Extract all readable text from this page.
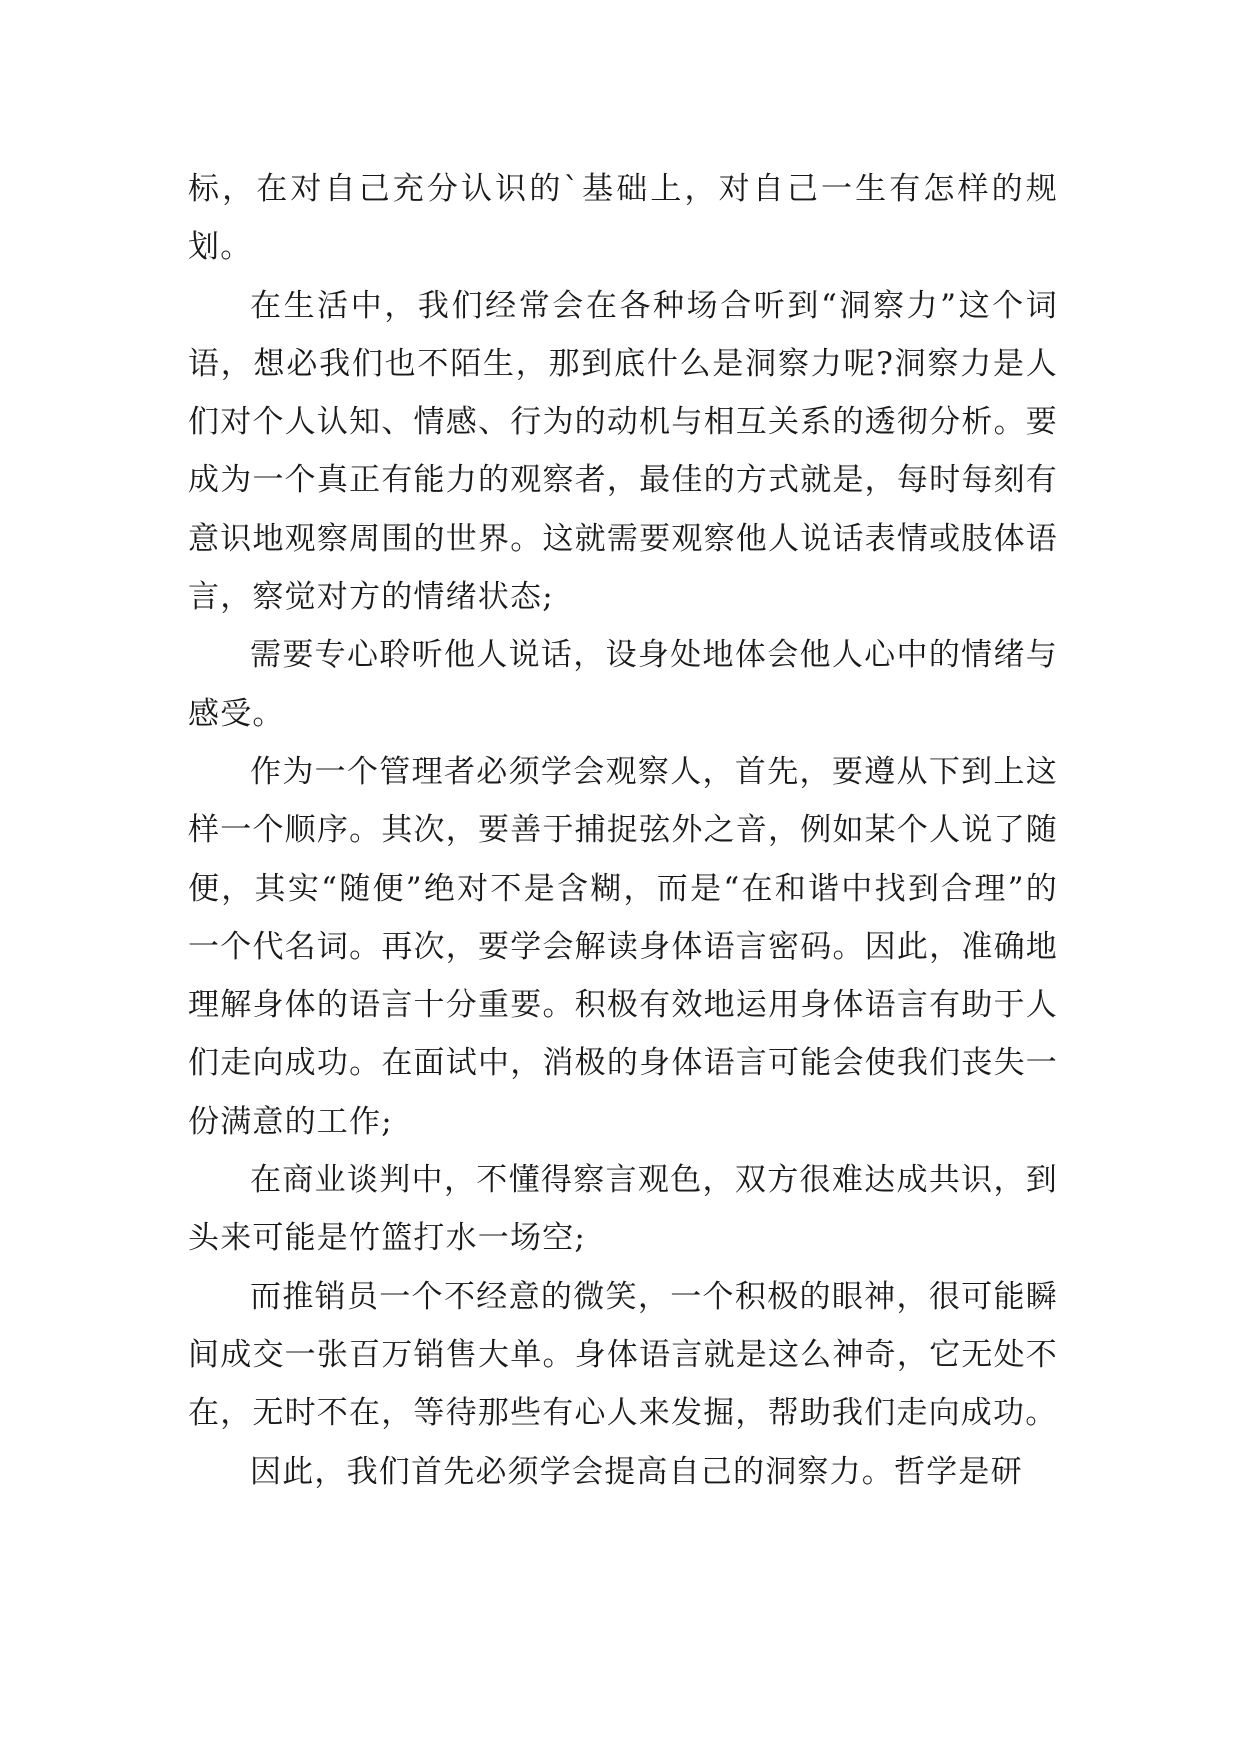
标，在对自己充分认识的`基础上，对自己一生有怎样的规划。

在生活中，我们经常会在各种场合听到“洞察力”这个词语，想必我们也不陌生，那到底什么是洞察力呢?洞察力是人们对个人认知、情感、行为的动机与相互关系的透彻分析。要成为一个真正有能力的观察者，最佳的方式就是，每时每刻有意识地观察周围的世界。这就需要观察他人说话表情或肢体语言，察觉对方的情绪状态;

需要专心聆听他人说话，设身处地体会他人心中的情绪与感受。

作为一个管理者必须学会观察人，首先，要遵从下到上这样一个顺序。其次，要善于捕捉弦外之音，例如某个人说了随便，其实“随便”绝对不是含糊，而是“在和谐中找到合理”的一个代名词。再次，要学会解读身体语言密码。因此，准确地理解身体的语言十分重要。积极有效地运用身体语言有助于人们走向成功。在面试中，消极的身体语言可能会使我们丧失一份满意的工作;

在商业谈判中，不懂得察言观色，双方很难达成共识，到头来可能是竹篮打水一场空;

而推销员一个不经意的微笑，一个积极的眼神，很可能瞬间成交一张百万销售大单。身体语言就是这么神奇，它无处不在，无时不在，等待那些有心人来发掘，帮助我们走向成功。

因此，我们首先必须学会提高自己的洞察力。哲学是研
